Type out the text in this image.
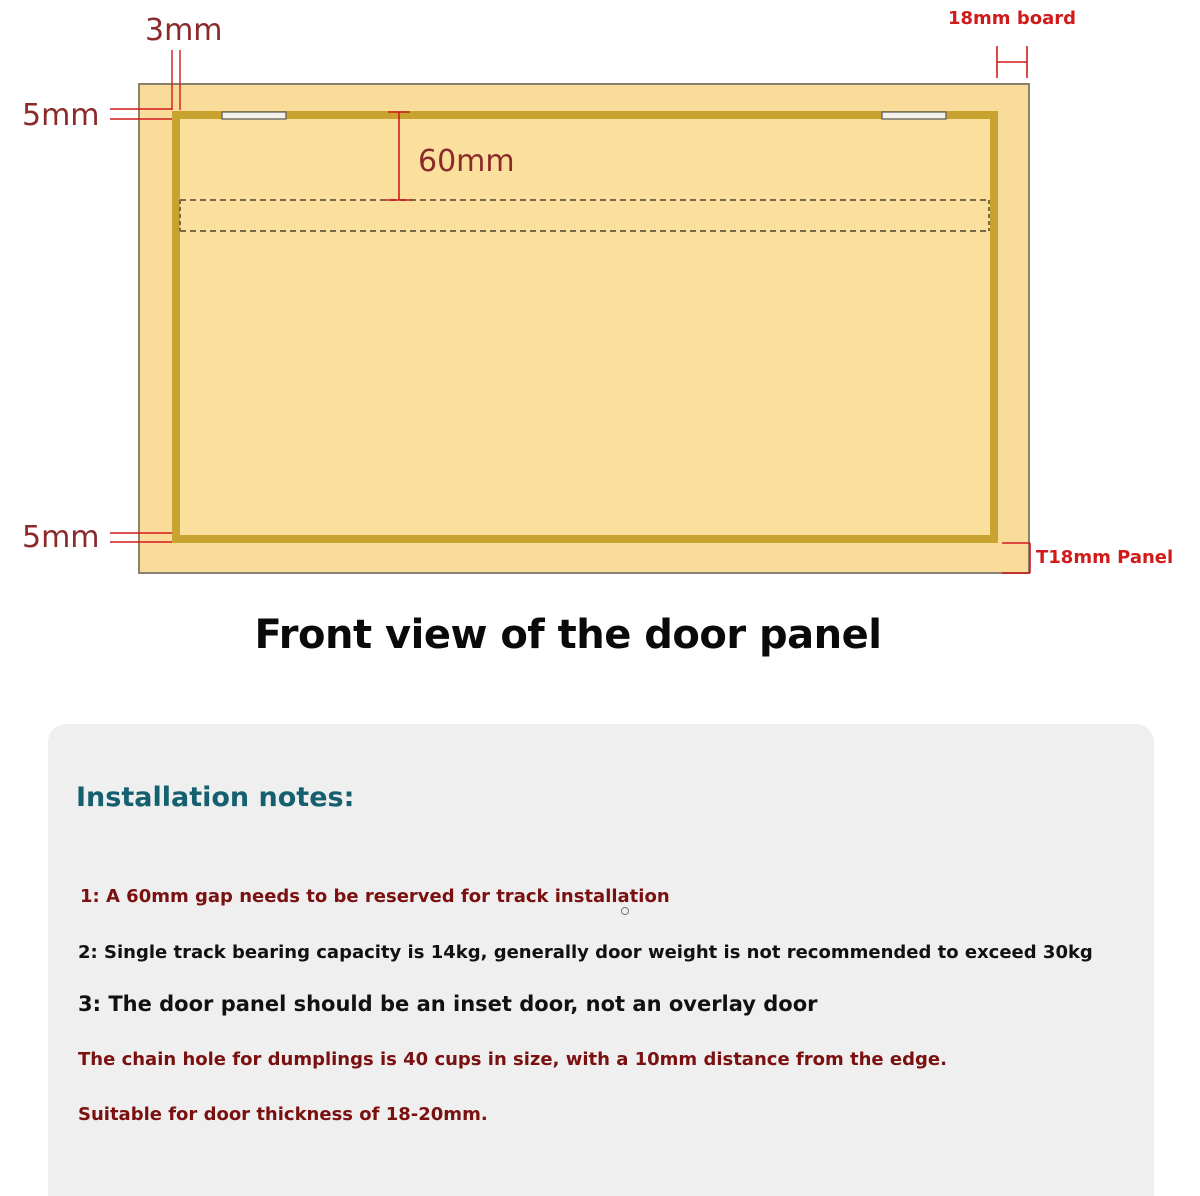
60mm
3mm
5mm
5mm
18mm board
T18mm Panel
Front view of the door panel
Installation notes:
1: A 60mm gap needs to be reserved for track installation
2: Single track bearing capacity is 14kg, generally door weight is not recommended to exceed 30kg
3: The door panel should be an inset door, not an overlay door
The chain hole for dumplings is 40 cups in size, with a 10mm distance from the edge.
Suitable for door thickness of 18-20mm.
